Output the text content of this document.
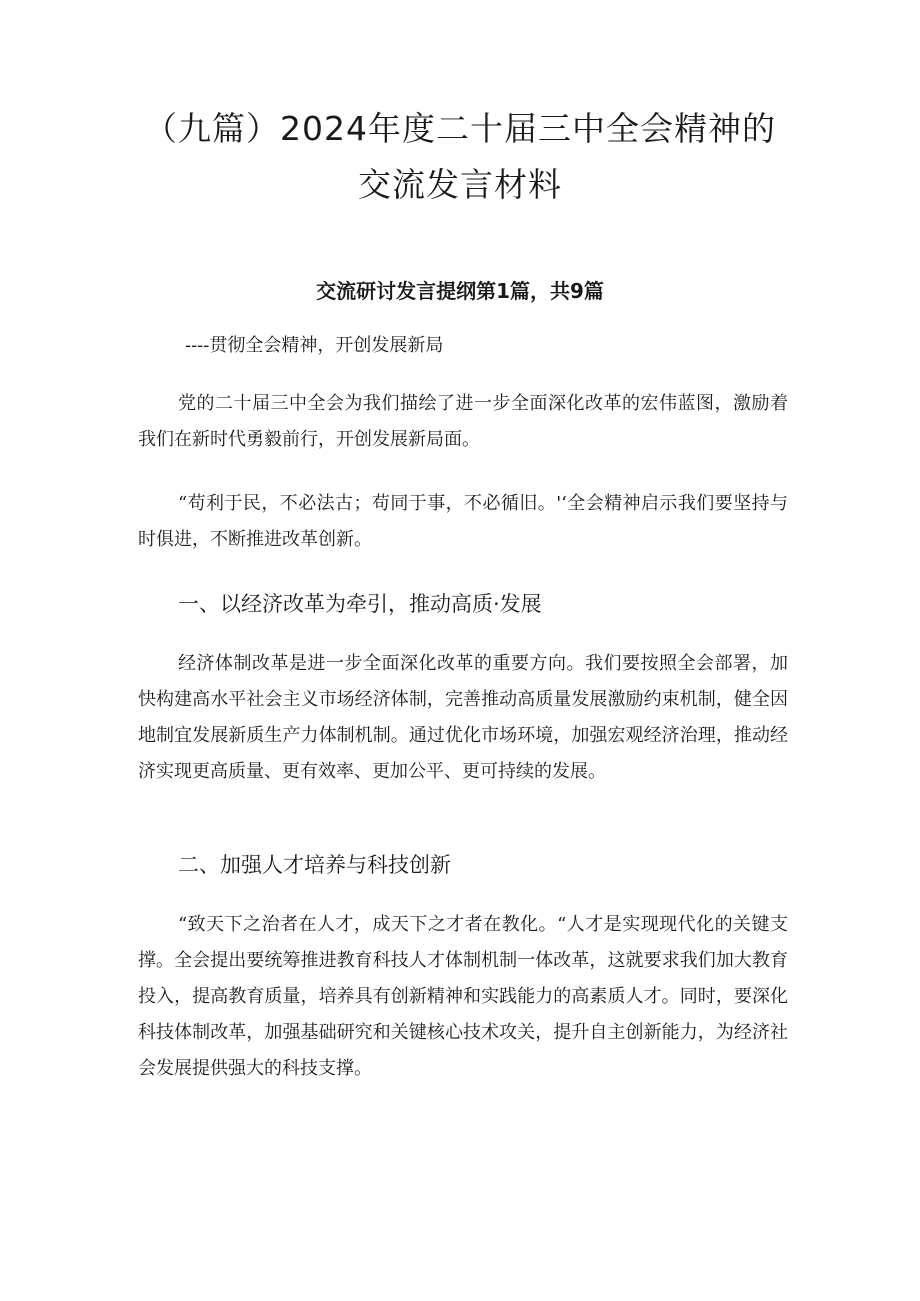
（九篇）2024年度二十届三中全会精神的
交流发言材料
交流研讨发言提纲第1篇，共9篇

----贯彻全会精神，开创发展新局

党的二十届三中全会为我们描绘了进一步全面深化改革的宏伟蓝图，激励着我们在新时代勇毅前行，开创发展新局面。

“苟利于民，不必法古；苟同于事，不必循旧。'‘全会精神启示我们要坚持与时俱进，不断推进改革创新。

一、以经济改革为牵引，推动高质·发展

经济体制改革是进一步全面深化改革的重要方向。我们要按照全会部署，加快构建高水平社会主义市场经济体制，完善推动高质量发展激励约束机制，健全因地制宜发展新质生产力体制机制。通过优化市场环境，加强宏观经济治理，推动经济实现更高质量、更有效率、更加公平、更可持续的发展。

二、加强人才培养与科技创新

“致天下之治者在人才，成天下之才者在教化。“人才是实现现代化的关键支撑。全会提出要统筹推进教育科技人才体制机制一体改革，这就要求我们加大教育投入，提高教育质量，培养具有创新精神和实践能力的高素质人才。同时，要深化科技体制改革，加强基础研究和关键核心技术攻关，提升自主创新能力，为经济社会发展提供强大的科技支撑。
